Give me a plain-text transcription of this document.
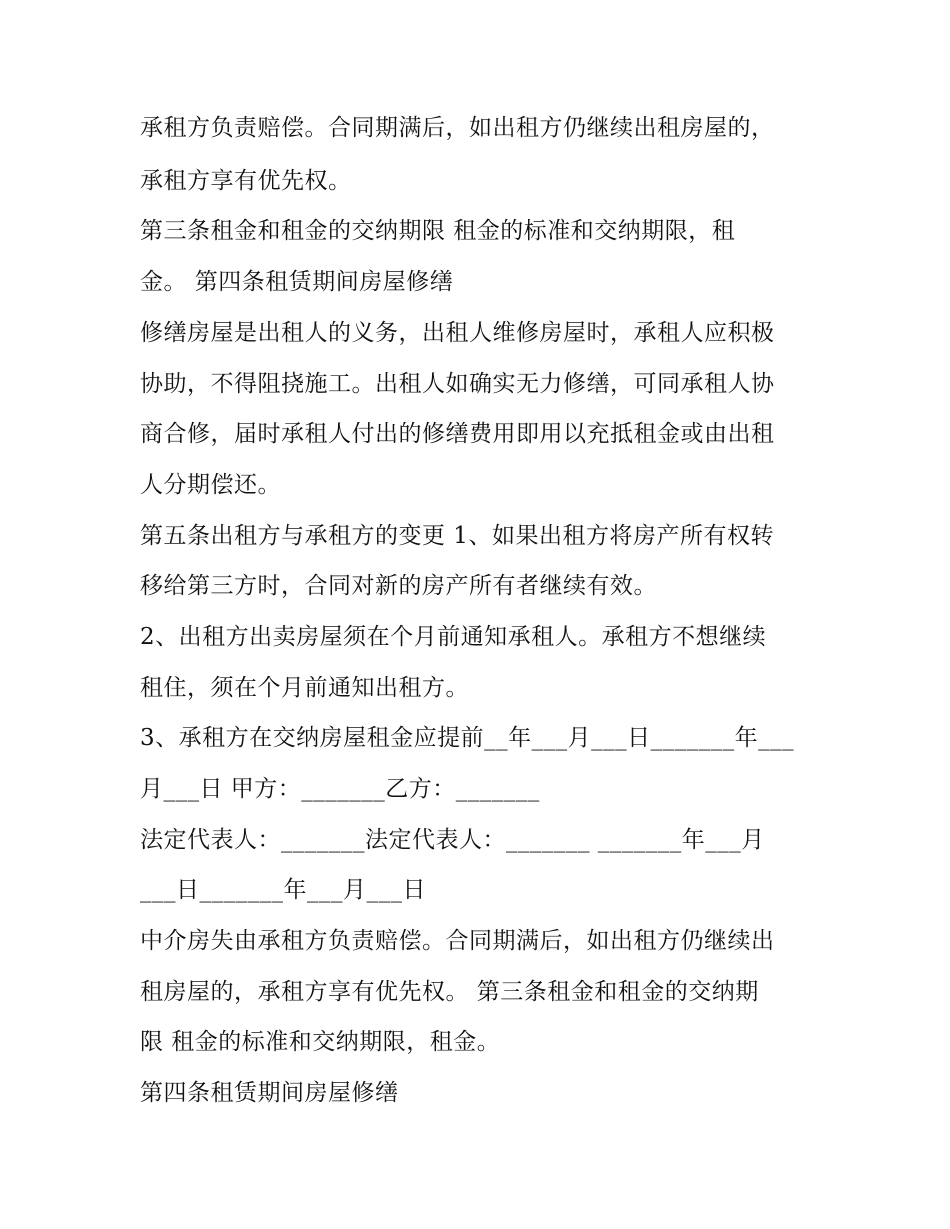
承租方负责赔偿。合同期满后，如出租方仍继续出租房屋的，
承租方享有优先权。
第三条租金和租金的交纳期限 租金的标准和交纳期限，租
金。 第四条租赁期间房屋修缮
修缮房屋是出租人的义务，出租人维修房屋时，承租人应积极
协助，不得阻挠施工。出租人如确实无力修缮，可同承租人协
商合修，届时承租人付出的修缮费用即用以充抵租金或由出租
人分期偿还。
第五条出租方与承租方的变更 1、如果出租方将房产所有权转
移给第三方时，合同对新的房产所有者继续有效。
2、出租方出卖房屋须在个月前通知承租人。承租方不想继续
租住，须在个月前通知出租方。
3、承租方在交纳房屋租金应提前__年___月___日_______年___
月___日 甲方：_______乙方：_______
法定代表人：_______法定代表人：_______ _______年___月
___日_______年___月___日
中介房失由承租方负责赔偿。合同期满后，如出租方仍继续出
租房屋的，承租方享有优先权。 第三条租金和租金的交纳期
限 租金的标准和交纳期限，租金。
第四条租赁期间房屋修缮
